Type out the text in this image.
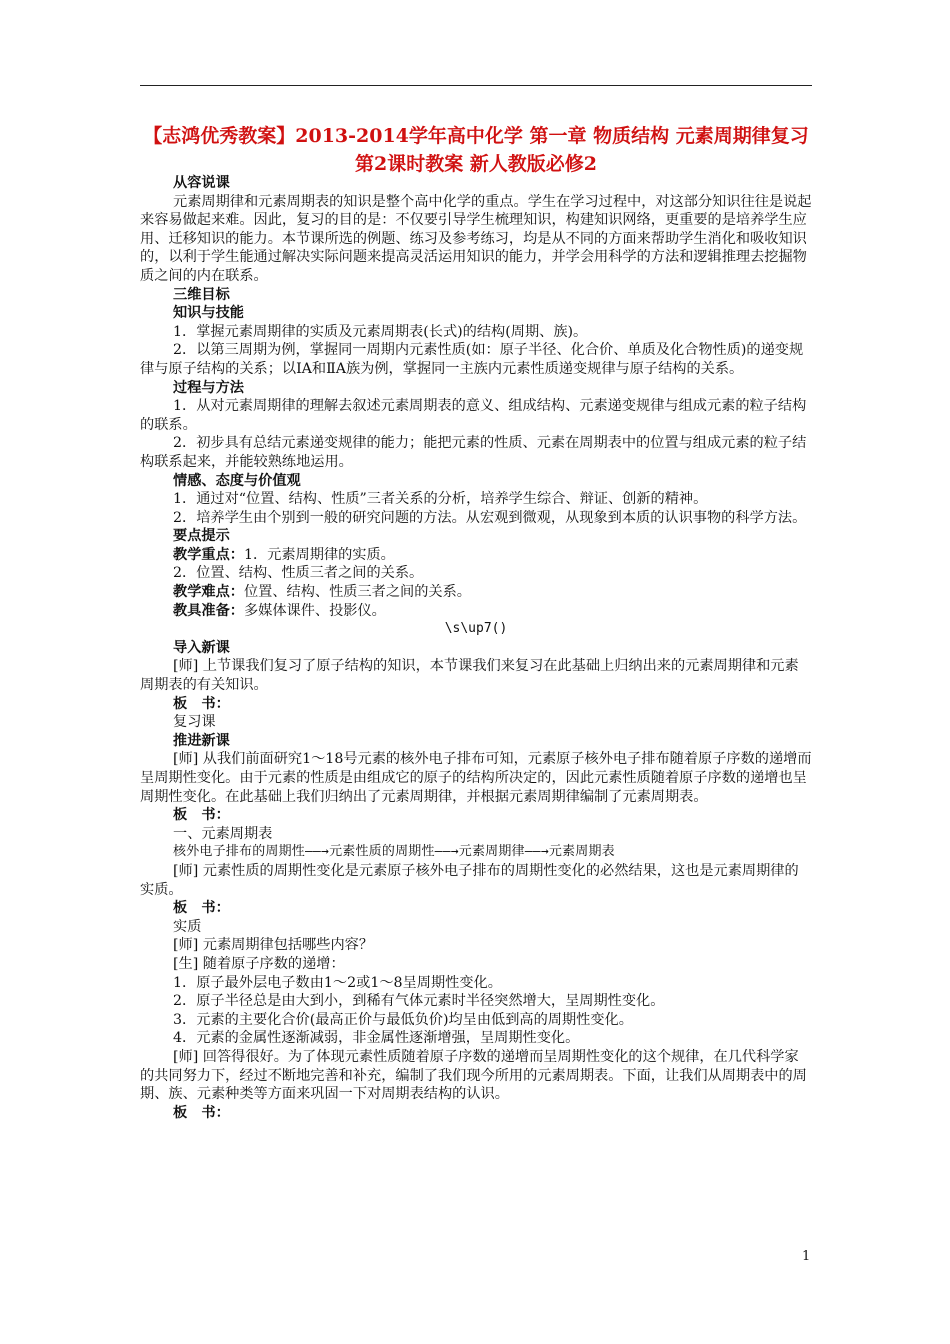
【志鸿优秀教案】2013-2014学年高中化学 第一章 物质结构 元素周期律复习第2课时教案 新人教版必修2

从容说课

元素周期律和元素周期表的知识是整个高中化学的重点。学生在学习过程中，对这部分知识往往是说起来容易做起来难。因此，复习的目的是：不仅要引导学生梳理知识，构建知识网络，更重要的是培养学生应用、迁移知识的能力。本节课所选的例题、练习及参考练习，均是从不同的方面来帮助学生消化和吸收知识的，以利于学生能通过解决实际问题来提高灵活运用知识的能力，并学会用科学的方法和逻辑推理去挖掘物质之间的内在联系。

三维目标

知识与技能

1．掌握元素周期律的实质及元素周期表(长式)的结构(周期、族)。

2．以第三周期为例，掌握同一周期内元素性质(如：原子半径、化合价、单质及化合物性质)的递变规律与原子结构的关系；以ⅠA和ⅡA族为例，掌握同一主族内元素性质递变规律与原子结构的关系。

过程与方法

1．从对元素周期律的理解去叙述元素周期表的意义、组成结构、元素递变规律与组成元素的粒子结构的联系。

2．初步具有总结元素递变规律的能力；能把元素的性质、元素在周期表中的位置与组成元素的粒子结构联系起来，并能较熟练地运用。

情感、态度与价值观

1．通过对“位置、结构、性质”三者关系的分析，培养学生综合、辩证、创新的精神。

2．培养学生由个别到一般的研究问题的方法。从宏观到微观，从现象到本质的认识事物的科学方法。

要点提示

教学重点：1．元素周期律的实质。

2．位置、结构、性质三者之间的关系。

教学难点：位置、结构、性质三者之间的关系。

教具准备：多媒体课件、投影仪。

\s\up7()

导入新课

[师] 上节课我们复习了原子结构的知识，本节课我们来复习在此基础上归纳出来的元素周期律和元素周期表的有关知识。

板　书：

复习课

推进新课

[师] 从我们前面研究1～18号元素的核外电子排布可知，元素原子核外电子排布随着原子序数的递增而呈周期性变化。由于元素的性质是由组成它的原子的结构所决定的，因此元素性质随着原子序数的递增也呈周期性变化。在此基础上我们归纳出了元素周期律，并根据元素周期律编制了元素周期表。

板　书：

一、元素周期表

核外电子排布的周期性——→元素性质的周期性——→元素周期律——→元素周期表

[师] 元素性质的周期性变化是元素原子核外电子排布的周期性变化的必然结果，这也是元素周期律的实质。

板　书：

实质

[师] 元素周期律包括哪些内容？

[生] 随着原子序数的递增：

1．原子最外层电子数由1～2或1～8呈周期性变化。

2．原子半径总是由大到小，到稀有气体元素时半径突然增大，呈周期性变化。

3．元素的主要化合价(最高正价与最低负价)均呈由低到高的周期性变化。

4．元素的金属性逐渐减弱，非金属性逐渐增强，呈周期性变化。

[师] 回答得很好。为了体现元素性质随着原子序数的递增而呈周期性变化的这个规律，在几代科学家的共同努力下，经过不断地完善和补充，编制了我们现今所用的元素周期表。下面，让我们从周期表中的周期、族、元素种类等方面来巩固一下对周期表结构的认识。

板　书：

1
